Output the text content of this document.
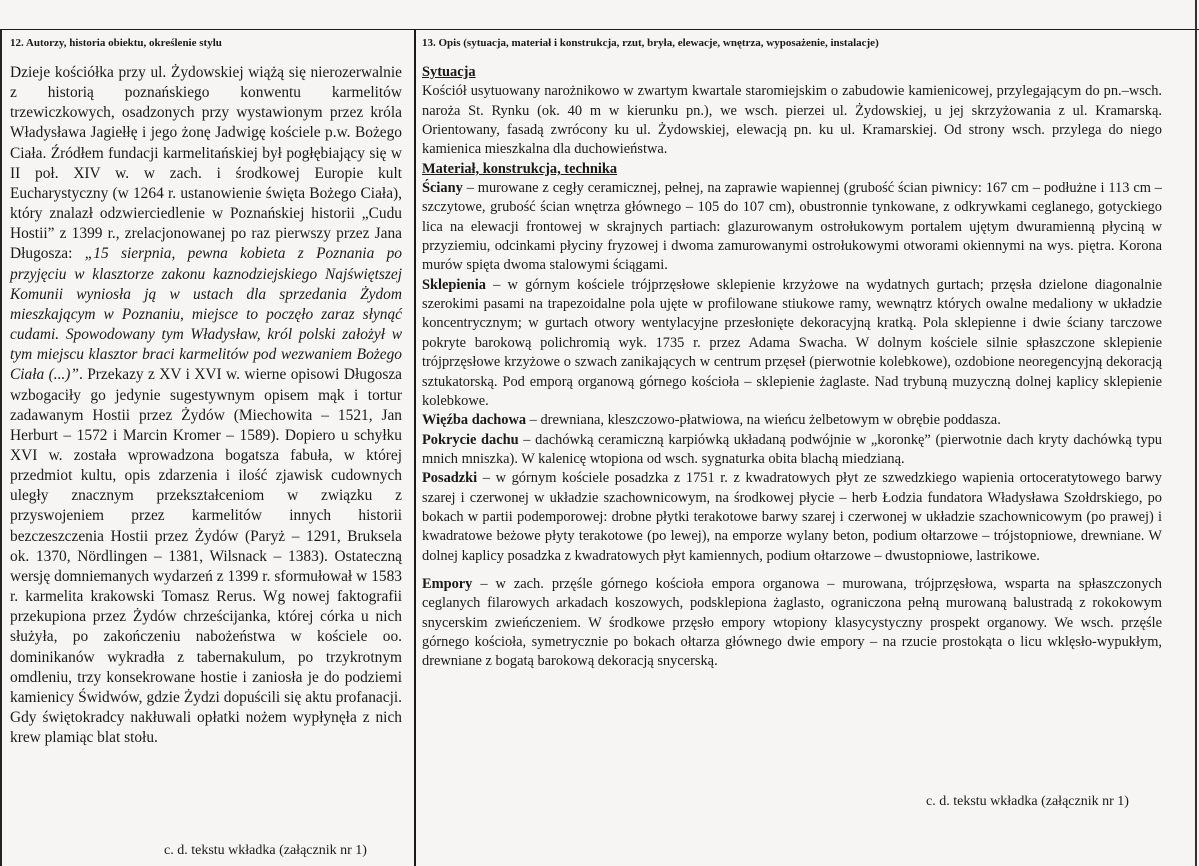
12. Autorzy, historia obiektu, określenie stylu

Dzieje kościółka przy ul. Żydowskiej wiążą się nierozerwalnie z historią poznańskiego konwentu karmelitów trzewiczkowych, osadzonych przy wystawionym przez króla Władysława Jagiełłę i jego żonę Jadwigę kościele p.w. Bożego Ciała. Źródłem fundacji karmelitańskiej był pogłębiający się w II poł. XIV w. w zach. i środkowej Europie kult Eucharystyczny (w 1264 r. ustanowienie święta Bożego Ciała), który znalazł odzwierciedlenie w Poznańskiej historii „Cudu Hostii” z 1399 r., zrelacjonowanej po raz pierwszy przez Jana Długosza: „15 sierpnia, pewna kobieta z Poznania po przyjęciu w klasztorze zakonu kaznodziejskiego Najświętszej Komunii wyniosła ją w ustach dla sprzedania Żydom mieszkającym w Poznaniu, miejsce to poczęło zaraz słynąć cudami. Spowodowany tym Władysław, król polski założył w tym miejscu klasztor braci karmelitów pod wezwaniem Bożego Ciała (...)”. Przekazy z XV i XVI w. wierne opisowi Długosza wzbogaciły go jedynie sugestywnym opisem mąk i tortur zadawanym Hostii przez Żydów (Miechowita – 1521, Jan Herburt – 1572 i Marcin Kromer – 1589). Dopiero u schyłku XVI w. została wprowadzona bogatsza fabuła, w której przedmiot kultu, opis zdarzenia i ilość zjawisk cudownych uległy znacznym przekształceniom w związku z przyswojeniem przez karmelitów innych historii bezczeszczenia Hostii przez Żydów (Paryż – 1291, Bruksela ok. 1370, Nördlingen – 1381, Wilsnack – 1383). Ostateczną wersję domniemanych wydarzeń z 1399 r. sformułował w 1583 r. karmelita krakowski Tomasz Rerus. Wg nowej faktografii przekupiona przez Żydów chrześcijanka, której córka u nich służyła, po zakończeniu nabożeństwa w kościele oo. dominikanów wykradła z tabernakulum, po trzykrotnym omdleniu, trzy konsekrowane hostie i zaniosła je do podziemi kamienicy Świdwów, gdzie Żydzi dopuścili się aktu profanacji. Gdy świętokradcy nakłuwali opłatki nożem wypłynęła z nich krew plamiąc blat stołu.

c. d. tekstu wkładka (załącznik nr 1)
13. Opis (sytuacja, materiał i konstrukcja, rzut, bryła, elewacje, wnętrza, wyposażenie, instalacje)

Sytuacja

Kościół usytuowany narożnikowo w zwartym kwartale staromiejskim o zabudowie kamienicowej, przylegającym do pn.–wsch. naroża St. Rynku (ok. 40 m w kierunku pn.), we wsch. pierzei ul. Żydowskiej, u jej skrzyżowania z ul. Kramarską. Orientowany, fasadą zwrócony ku ul. Żydowskiej, elewacją pn. ku ul. Kramarskiej. Od strony wsch. przylega do niego kamienica mieszkalna dla duchowieństwa.

Materiał, konstrukcja, technika

Ściany – murowane z cegły ceramicznej, pełnej, na zaprawie wapiennej (grubość ścian piwnicy: 167 cm – podłużne i 113 cm – szczytowe, grubość ścian wnętrza głównego – 105 do 107 cm), obustronnie tynkowane, z odkrywkami ceglanego, gotyckiego lica na elewacji frontowej w skrajnych partiach: glazurowanym ostrołukowym portalem ujętym dwuramienną płyciną w przyziemiu, odcinkami płyciny fryzowej i dwoma zamurowanymi ostrołukowymi otworami okiennymi na wys. piętra. Korona murów spięta dwoma stalowymi ściągami.

Sklepienia – w górnym kościele trójprzęsłowe sklepienie krzyżowe na wydatnych gurtach; przęsła dzielone diagonalnie szerokimi pasami na trapezoidalne pola ujęte w profilowane stiukowe ramy, wewnątrz których owalne medaliony w układzie koncentrycznym; w gurtach otwory wentylacyjne przesłonięte dekoracyjną kratką. Pola sklepienne i dwie ściany tarczowe pokryte barokową polichromią wyk. 1735 r. przez Adama Swacha. W dolnym kościele silnie spłaszczone sklepienie trójprzęsłowe krzyżowe o szwach zanikających w centrum przęseł (pierwotnie kolebkowe), ozdobione neoregencyjną dekoracją sztukatorską. Pod emporą organową górnego kościoła – sklepienie żaglaste. Nad trybuną muzyczną dolnej kaplicy sklepienie kolebkowe.

Więźba dachowa – drewniana, kleszczowo-płatwiowa, na wieńcu żelbetowym w obrębie poddasza.

Pokrycie dachu – dachówką ceramiczną karpiówką układaną podwójnie w „koronkę” (pierwotnie dach kryty dachówką typu mnich mniszka). W kalenicę wtopiona od wsch. sygnaturka obita blachą miedzianą.

Posadzki – w górnym kościele posadzka z 1751 r. z kwadratowych płyt ze szwedzkiego wapienia ortoceratytowego barwy szarej i czerwonej w układzie szachownicowym, na środkowej płycie – herb Łodzia fundatora Władysława Szołdrskiego, po bokach w partii podemporowej: drobne płytki terakotowe barwy szarej i czerwonej w układzie szachownicowym (po prawej) i kwadratowe beżowe płyty terakotowe (po lewej), na emporze wylany beton, podium ołtarzowe – trójstopniowe, drewniane. W dolnej kaplicy posadzka z kwadratowych płyt kamiennych, podium ołtarzowe – dwustopniowe, lastrikowe.

Empory – w zach. przęśle górnego kościoła empora organowa – murowana, trójprzęsłowa, wsparta na spłaszczonych ceglanych filarowych arkadach koszowych, podsklepiona żaglasto, ograniczona pełną murowaną balustradą z rokokowym snycerskim zwieńczeniem. W środkowe przęsło empory wtopiony klasycystyczny prospekt organowy. We wsch. przęśle górnego kościoła, symetrycznie po bokach ołtarza głównego dwie empory – na rzucie prostokąta o licu wklęsło-wypukłym, drewniane z bogatą barokową dekoracją snycerską.

c. d. tekstu wkładka (załącznik nr 1)
